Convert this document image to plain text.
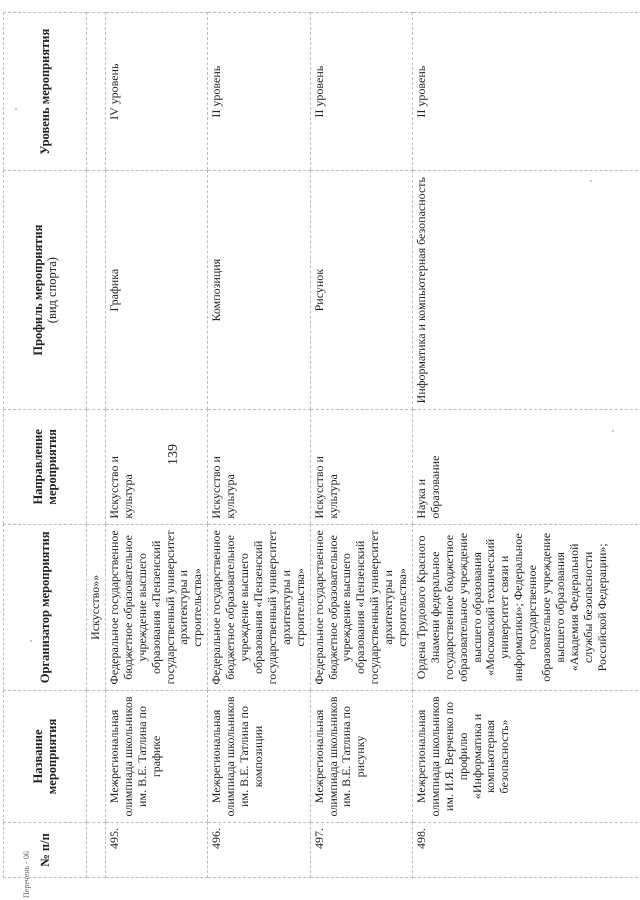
139
Перечень - 06
№ п/п	Название мероприятия	Организатор мероприятия	Направление мероприятия	Профиль мероприятия (вид спорта)	Уровень мероприятия
		Искусство»»			
495.	Межрегиональная олимпиада школьников им. В.Е. Татлина по графике	Федеральное государственное бюджетное образовательное учреждение высшего образования «Пензенский государственный университет архитектуры и строительства»	Искусство и культура	Графика	IV уровень
496.	Межрегиональная олимпиада школьников им. В.Е. Татлина по композиции	Федеральное государственное бюджетное образовательное учреждение высшего образования «Пензенский государственный университет архитектуры и строительства»	Искусство и культура	Композиция	II уровень
497.	Межрегиональная олимпиада школьников им. В.Е. Татлина по рисунку	Федеральное государственное бюджетное образовательное учреждение высшего образования «Пензенский государственный университет архитектуры и строительства»	Искусство и культура	Рисунок	II уровень
498.	Межрегиональная олимпиада школьников им. И.Я. Верченко по профилю «Информатика и компьютерная безопасность»	Ордена Трудового Красного Знамени федеральное государственное бюджетное образовательное учреждение высшего образования «Московский технический университет связи и информатики»; Федеральное государственное образовательное учреждение высшего образования «Академия Федеральной службы безопасности Российской Федерации»;	Наука и образование	Информатика и компьютерная безопасность	II уровень
